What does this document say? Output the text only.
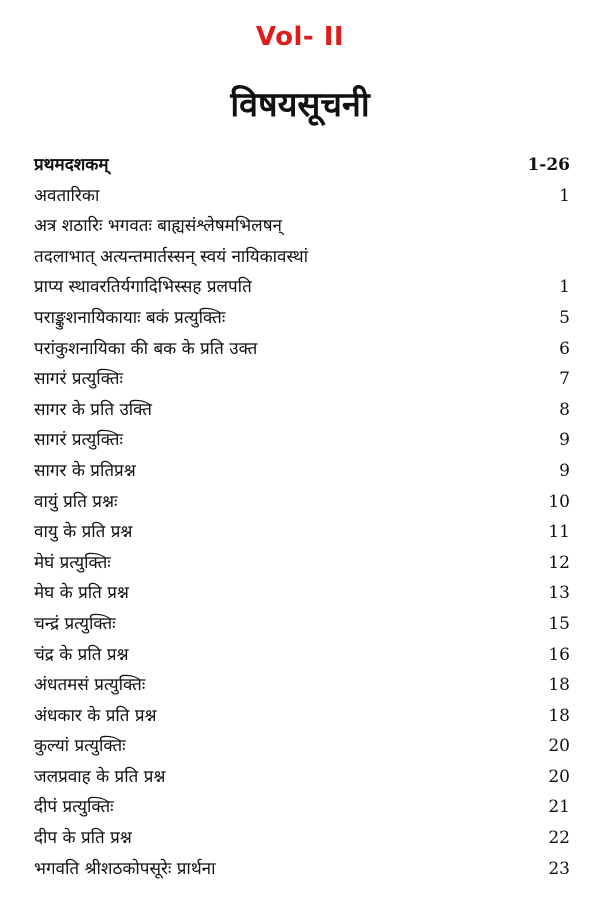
Vol- II
विषयसूचनी
प्रथमदशकम्	1-26
अवतारिका	1
अत्र शठारिः भगवतः बाह्यसंश्लेषमभिलषन्
तदलाभात् अत्यन्तमार्तस्सन् स्वयं नायिकावस्थां
प्राप्य स्थावरतिर्यगादिभिस्सह प्रलपति	1
पराङ्कुशनायिकायाः बकं प्रत्युक्तिः	5
परांकुशनायिका की बक के प्रति उक्त	6
सागरं प्रत्युक्तिः	7
सागर के प्रति उक्ति	8
सागरं प्रत्युक्तिः	9
सागर के प्रतिप्रश्न	9
वायुं प्रति प्रश्नः	10
वायु के प्रति प्रश्न	11
मेघं प्रत्युक्तिः	12
मेघ के प्रति प्रश्न	13
चन्द्रं प्रत्युक्तिः	15
चंद्र के प्रति प्रश्न	16
अंधतमसं प्रत्युक्तिः	18
अंधकार के प्रति प्रश्न	18
कुल्यां प्रत्युक्तिः	20
जलप्रवाह के प्रति प्रश्न	20
दीपं प्रत्युक्तिः	21
दीप के प्रति प्रश्न	22
भगवति श्रीशठकोपसूरेः प्रार्थना	23
